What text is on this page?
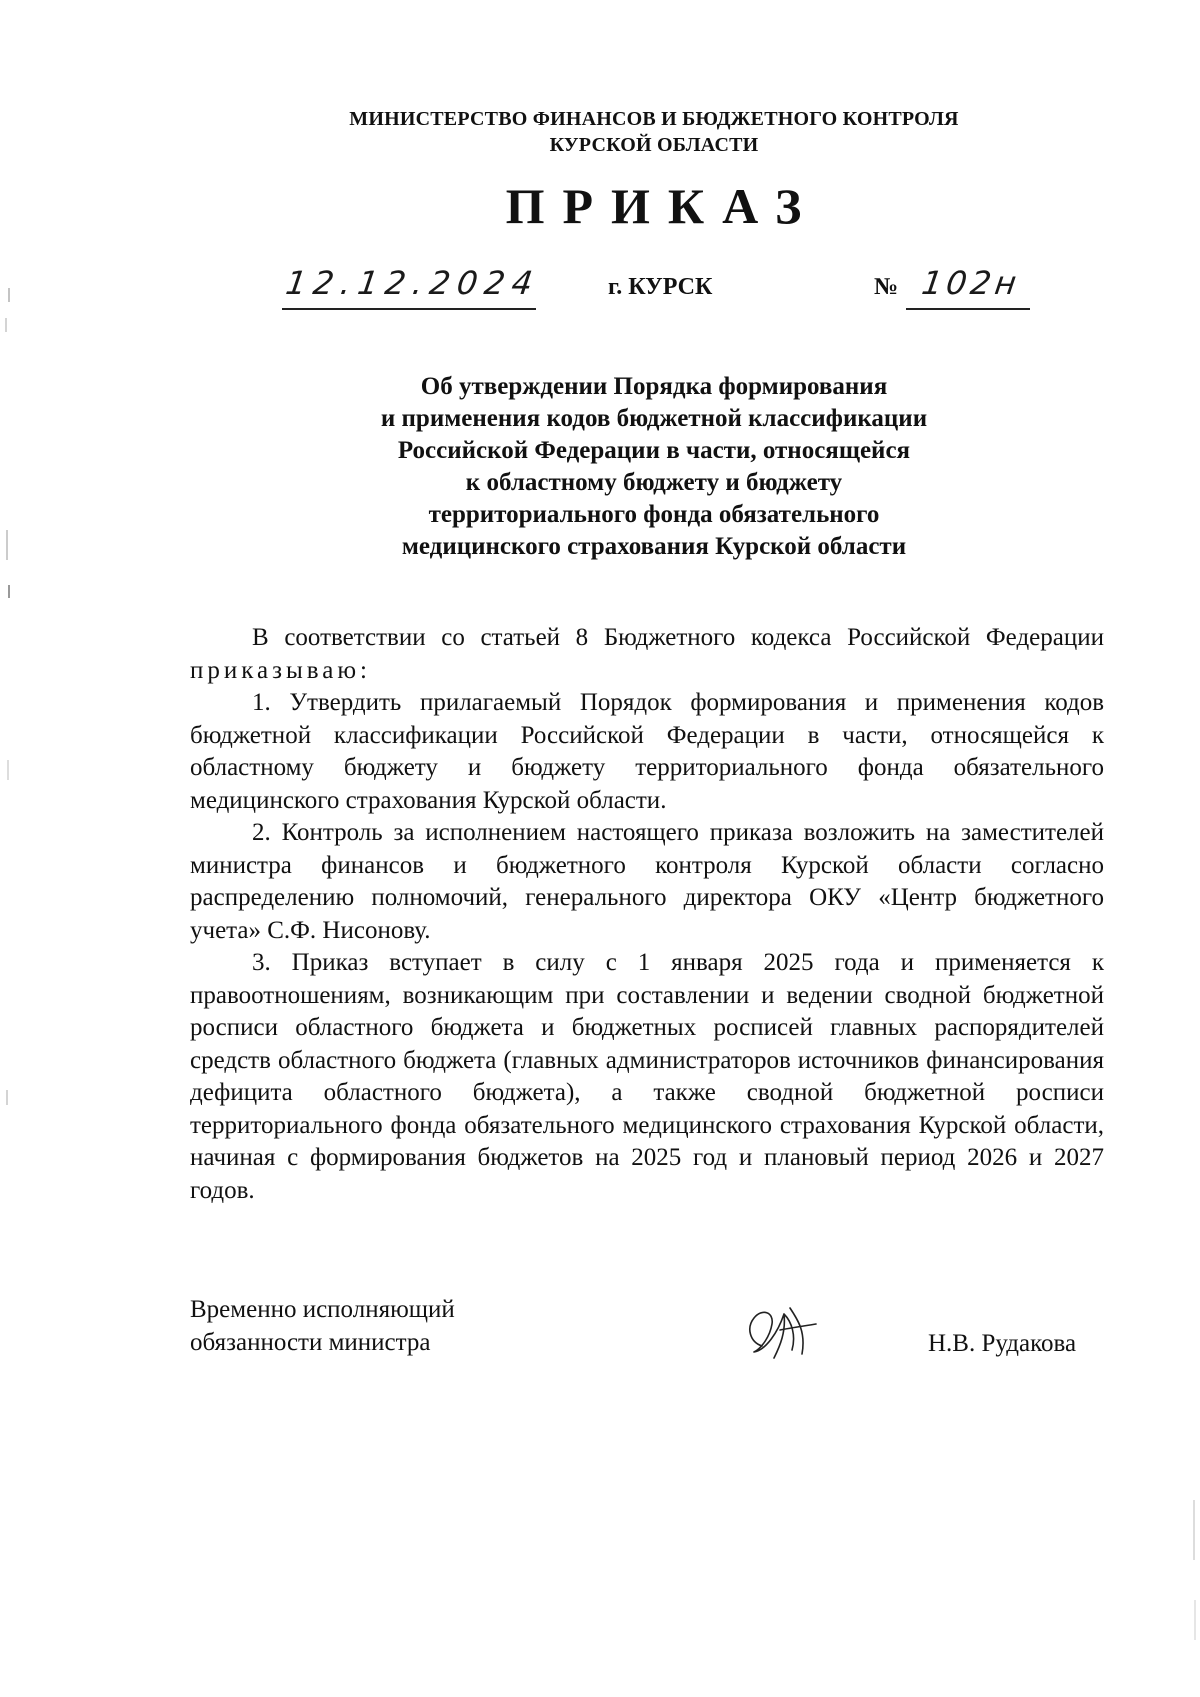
МИНИСТЕРСТВО ФИНАНСОВ И БЮДЖЕТНОГО КОНТРОЛЯ
КУРСКОЙ ОБЛАСТИ
ПРИКАЗ
12.12.2024	г. КУРСК	№ 102н
Об утверждении Порядка формирования
и применения кодов бюджетной классификации
Российской Федерации в части, относящейся
к областному бюджету и бюджету
территориального фонда обязательного
медицинского страхования Курской области

В соответствии со статьей 8 Бюджетного кодекса Российской Федерации приказываю:

1. Утвердить прилагаемый Порядок формирования и применения кодов бюджетной классификации Российской Федерации в части, относящейся к областному бюджету и бюджету территориального фонда обязательного медицинского страхования Курской области.

2. Контроль за исполнением настоящего приказа возложить на заместителей министра финансов и бюджетного контроля Курской области согласно распределению полномочий, генерального директора ОКУ «Центр бюджетного учета» С.Ф. Нисонову.

3. Приказ вступает в силу с 1 января 2025 года и применяется к правоотношениям, возникающим при составлении и ведении сводной бюджетной росписи областного бюджета и бюджетных росписей главных распорядителей средств областного бюджета (главных администраторов источников финансирования дефицита областного бюджета), а также сводной бюджетной росписи территориального фонда обязательного медицинского страхования Курской области, начиная с формирования бюджетов на 2025 год и плановый период 2026 и 2027 годов.

Временно исполняющий
обязанности министра	Н.В. Рудакова
